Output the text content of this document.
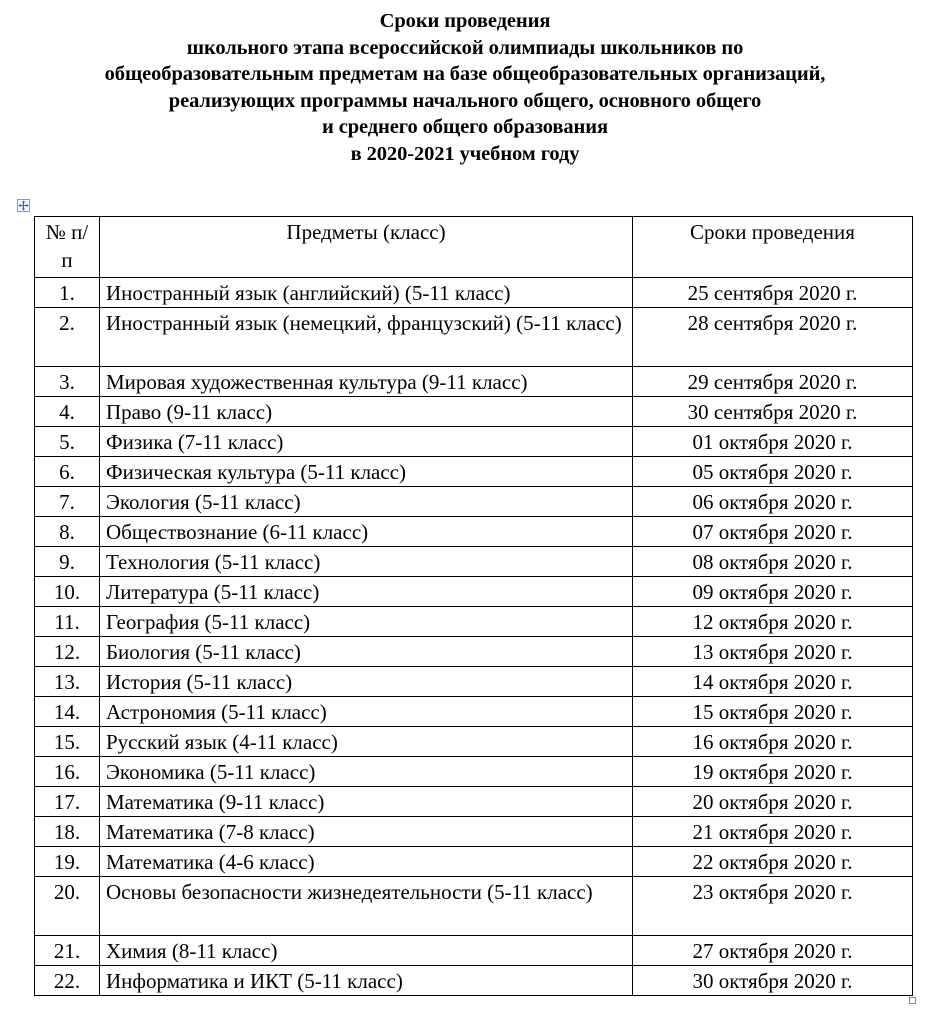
Сроки проведения
школьного этапа всероссийской олимпиады школьников по
общеобразовательным предметам на базе общеобразовательных организаций,
реализующих программы начального общего, основного общего
и среднего общего образования
в 2020-2021 учебном году
№ п/п	Предметы (класс)	Сроки проведения
1.	Иностранный язык (английский) (5-11 класс)	25 сентября 2020 г.
2.	Иностранный язык (немецкий, французский) (5-11 класс)	28 сентября 2020 г.
3.	Мировая художественная культура (9-11 класс)	29 сентября 2020 г.
4.	Право (9-11 класс)	30 сентября 2020 г.
5.	Физика (7-11 класс)	01 октября 2020 г.
6.	Физическая культура (5-11 класс)	05 октября 2020 г.
7.	Экология (5-11 класс)	06 октября 2020 г.
8.	Обществознание (6-11 класс)	07 октября 2020 г.
9.	Технология (5-11 класс)	08 октября 2020 г.
10.	Литература (5-11 класс)	09 октября 2020 г.
11.	География (5-11 класс)	12 октября 2020 г.
12.	Биология (5-11 класс)	13 октября 2020 г.
13.	История (5-11 класс)	14 октября 2020 г.
14.	Астрономия (5-11 класс)	15 октября 2020 г.
15.	Русский язык (4-11 класс)	16 октября 2020 г.
16.	Экономика (5-11 класс)	19 октября 2020 г.
17.	Математика (9-11 класс)	20 октября 2020 г.
18.	Математика (7-8 класс)	21 октября 2020 г.
19.	Математика (4-6 класс)	22 октября 2020 г.
20.	Основы безопасности жизнедеятельности (5-11 класс)	23 октября 2020 г.
21.	Химия (8-11 класс)	27 октября 2020 г.
22.	Информатика и ИКТ (5-11 класс)	30 октября 2020 г.
